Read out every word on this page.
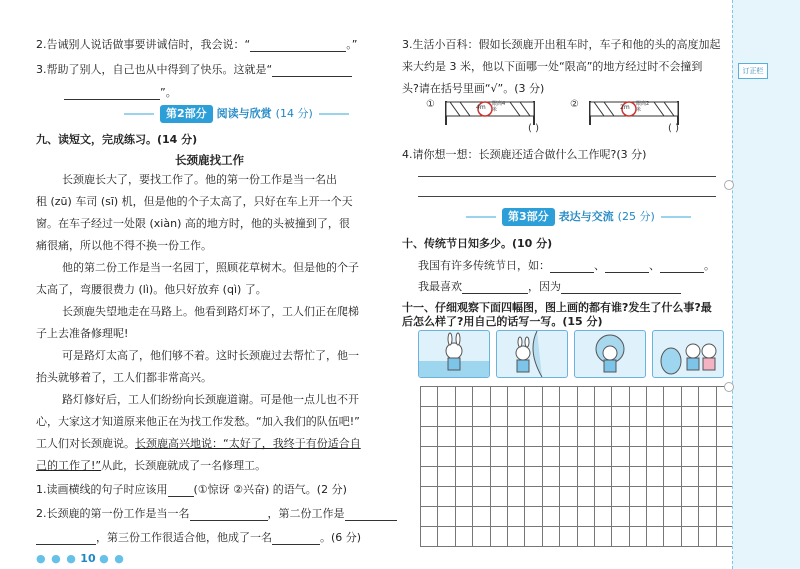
2.告诫别人说话做事要讲诚信时，我会说：“	。”
3.帮助了别人，自己也从中得到了快乐。这就是“
”。
第2部分 阅读与欣赏 (14 分)
九、读短文，完成练习。(14 分)
长颈鹿找工作
长颈鹿长大了，要找工作了。他的第一份工作是当一名出
租 (zū) 车司 (sī) 机，但是他的个子太高了，只好在车上开一个天
窗。在车子经过一处限 (xiàn) 高的地方时，他的头被撞到了，很
痛很痛，所以他不得不换一份工作。
他的第二份工作是当一名园丁，照顾花草树木。但是他的个子
太高了，弯腰很费力 (lì)。他只好放弃 (qì) 了。
长颈鹿失望地走在马路上。他看到路灯坏了，工人们正在爬梯
子上去准备修理呢!
可是路灯太高了，他们够不着。这时长颈鹿过去帮忙了，他一
抬头就够着了，工人们都非常高兴。
路灯修好后，工人们纷纷向长颈鹿道谢。可是他一点儿也不开
心，大家这才知道原来他正在为找工作发愁。“加入我们的队伍吧!”
工人们对长颈鹿说。长颈鹿高兴地说：“太好了，我终于有份适合自
己的工作了!”从此，长颈鹿就成了一名修理工。
1.读画横线的句子时应该用 (①惊讶 ②兴奋) 的语气。(2 分)
2.长颈鹿的第一份工作是当一名	，第二份工作是
，第三份工作很适合他，他成了一名	。(6 分)
● ● ● 10 ● ●
3.生活小百科：假如长颈鹿开出租车时，车子和他的头的高度加起
来大约是 3 米，他以下面哪一处“限高”的地方经过时不会撞到
头?请在括号里画“√”。(3 分)
①	4m 限高4米
( )
②	2m 限高2米
( )
4.请你想一想：长颈鹿还适合做什么工作呢?(3 分)
第3部分 表达与交流 (25 分)
十、传统节日知多少。(10 分)
我国有许多传统节日，如：	、	、	。
我最喜欢	，因为
十一、仔细观察下面四幅图，图上画的都有谁?发生了什么事?最
后怎么样了?用自己的话写一写。(15 分)

订正栏
